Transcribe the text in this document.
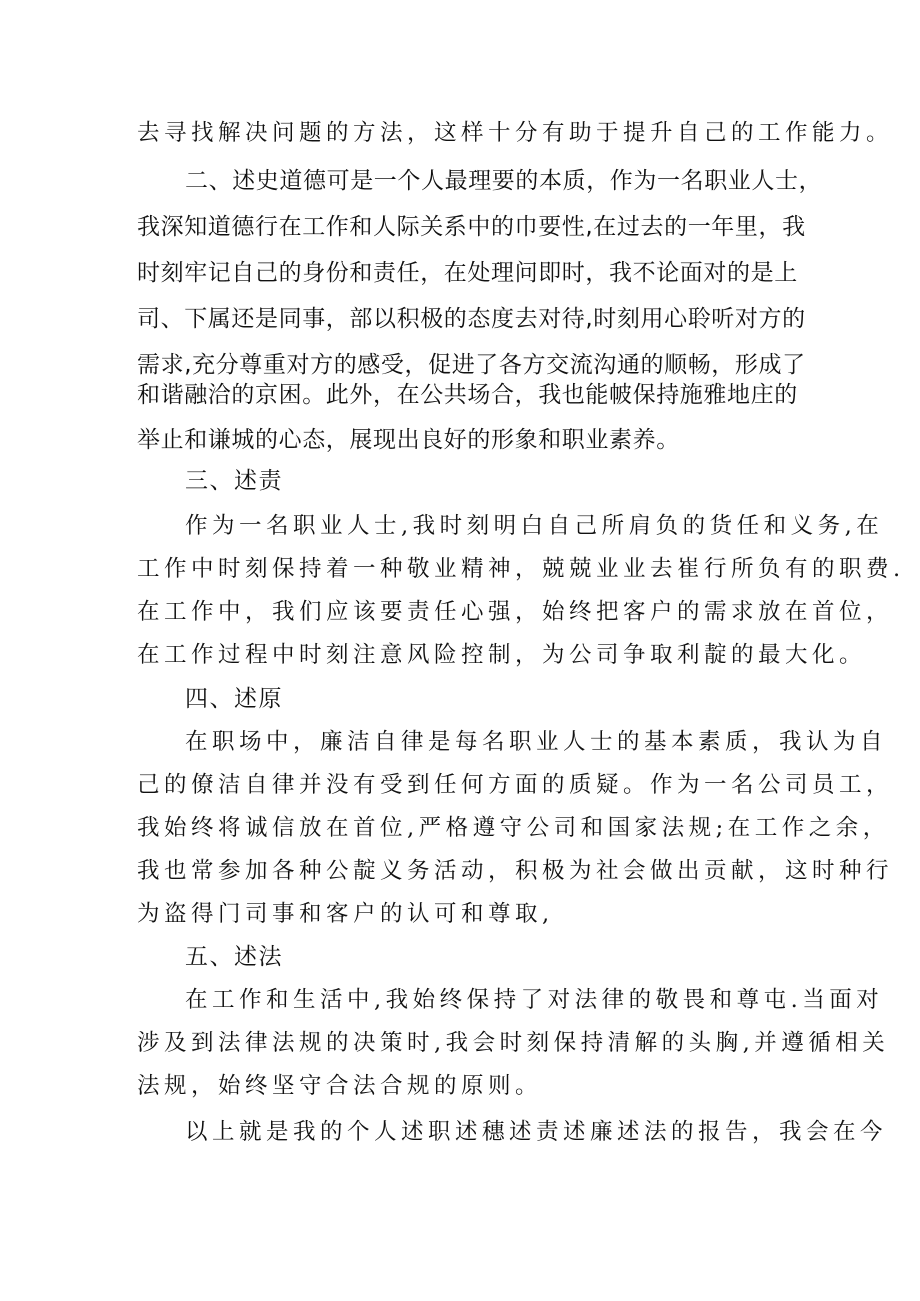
去寻找解决问题的方法，这样十分有助于提升自己的工作能力。
二、述史道德可是一个人最理要的本质，作为一名职业人士，
我深知道德行在工作和人际关系中的巾要性,在过去的一年里，我
时刻牢记自己的身份和责任，在处理问即时，我不论面对的是上
司、下属还是同事，部以积极的态度去对待,时刻用心聆听对方的
需求,充分尊重对方的感受，促进了各方交流沟通的顺畅，形成了
和谐融洽的京困。此外，在公共场合，我也能帔保持施雅地庄的
举止和谦城的心态，展现出良好的形象和职业素养。
三、述责
作为一名职业人士,我时刻明白自己所肩负的货任和义务,在
工作中时刻保持着一种敬业精神，兢兢业业去崔行所负有的职费.
在工作中，我们应该要责任心强，始终把客户的需求放在首位，
在工作过程中时刻注意风险控制，为公司争取利靛的最大化。
四、述原
在职场中，廉洁自律是每名职业人士的基本素质，我认为自
己的僚洁自律并没有受到任何方面的质疑。作为一名公司员工，
我始终将诚信放在首位,严格遵守公司和国家法规;在工作之余，
我也常参加各种公靛义务活动，积极为社会做出贡献，这时种行
为盗得门司事和客户的认可和尊取,
五、述法
在工作和生活中,我始终保持了对法律的敬畏和尊屯.当面对
涉及到法律法规的决策时,我会时刻保持清解的头胸,并遵循相关
法规，始终坚守合法合规的原则。
以上就是我的个人述职述穗述责述廉述法的报告，我会在今
